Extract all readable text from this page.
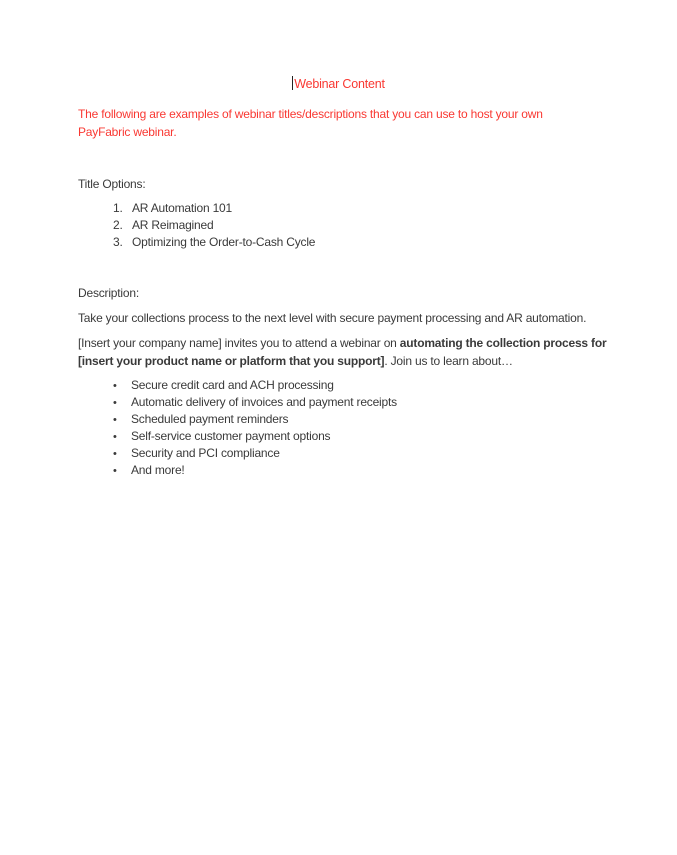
Webinar Content

The following are examples of webinar titles/descriptions that you can use to host your own PayFabric webinar.

Title Options:

1. AR Automation 101
2. AR Reimagined
3. Optimizing the Order-to-Cash Cycle

Description:

Take your collections process to the next level with secure payment processing and AR automation.

[Insert your company name] invites you to attend a webinar on automating the collection process for [insert your product name or platform that you support]. Join us to learn about…

• Secure credit card and ACH processing
• Automatic delivery of invoices and payment receipts
• Scheduled payment reminders
• Self-service customer payment options
• Security and PCI compliance
• And more!
